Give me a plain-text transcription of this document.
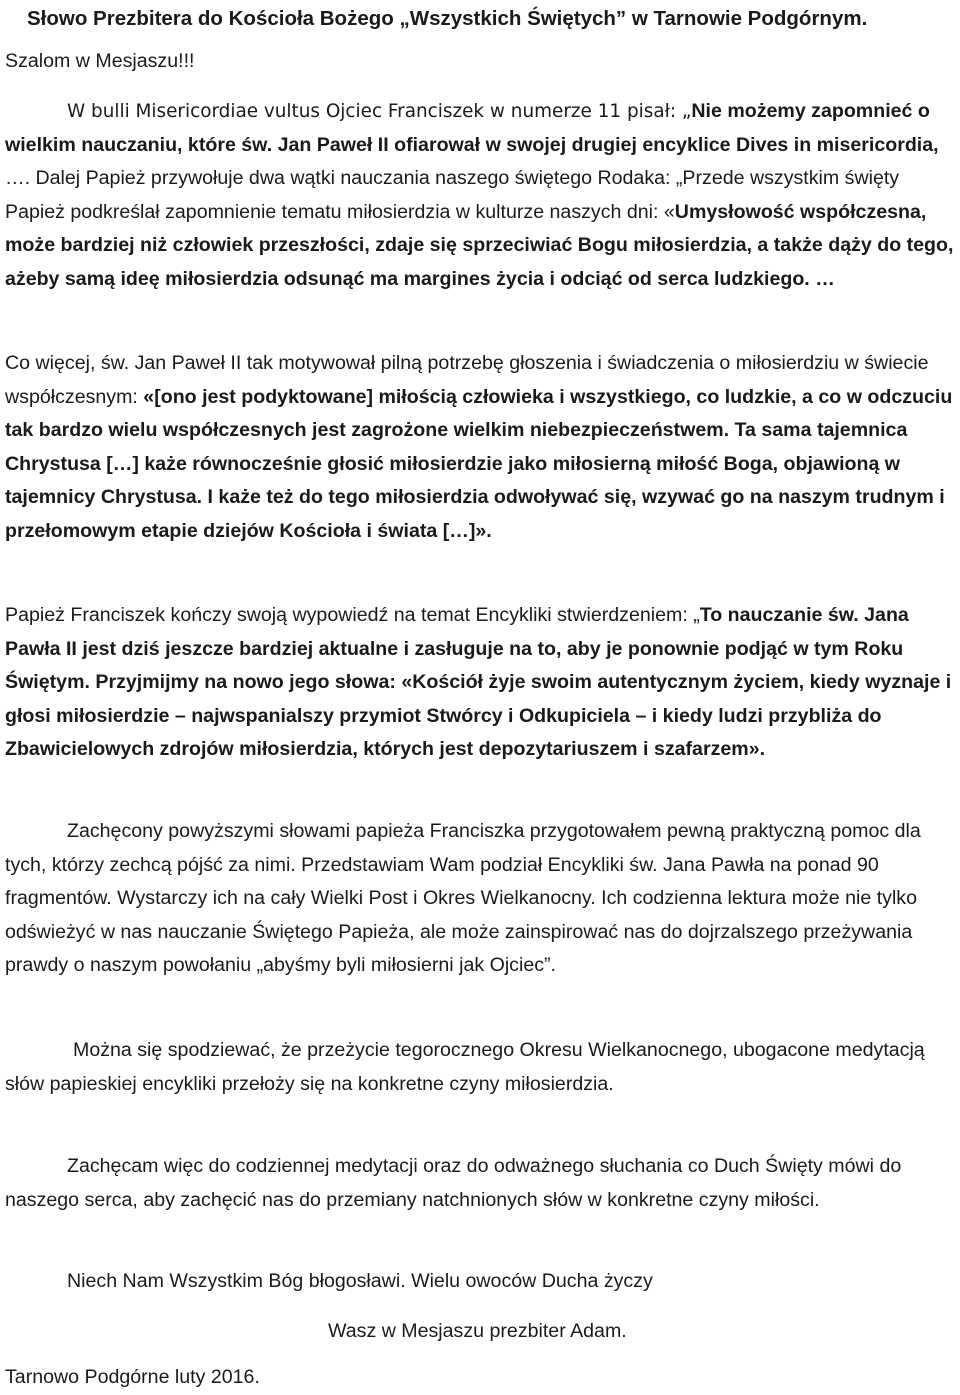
Słowo Prezbitera do Kościoła Bożego „Wszystkich Świętych” w Tarnowie Podgórnym.

Szalom w Mesjaszu!!!

W bulli Misericordiae vultus Ojciec Franciszek w numerze 11 pisał: „Nie możemy zapomnieć o wielkim nauczaniu, które św. Jan Paweł II ofiarował w swojej drugiej encyklice Dives in misericordia, …. Dalej Papież przywołuje dwa wątki nauczania naszego świętego Rodaka: „Przede wszystkim święty Papież podkreślał zapomnienie tematu miłosierdzia w kulturze naszych dni: «Umysłowość współczesna, może bardziej niż człowiek przeszłości, zdaje się sprzeciwiać Bogu miłosierdzia, a także dąży do tego, ażeby samą ideę miłosierdzia odsunąć ma margines życia i odciąć od serca ludzkiego. …

Co więcej, św. Jan Paweł II tak motywował pilną potrzebę głoszenia i świadczenia o miłosierdziu w świecie współczesnym: «[ono jest podyktowane] miłością człowieka i wszystkiego, co ludzkie, a co w odczuciu tak bardzo wielu współczesnych jest zagrożone wielkim niebezpieczeństwem. Ta sama tajemnica Chrystusa […] każe równocześnie głosić miłosierdzie jako miłosierną miłość Boga, objawioną w tajemnicy Chrystusa. I każe też do tego miłosierdzia odwoływać się, wzywać go na naszym trudnym i przełomowym etapie dziejów Kościoła i świata […]».

Papież Franciszek kończy swoją wypowiedź na temat Encykliki stwierdzeniem: „To nauczanie św. Jana Pawła II jest dziś jeszcze bardziej aktualne i zasługuje na to, aby je ponownie podjąć w tym Roku Świętym. Przyjmijmy na nowo jego słowa: «Kościół żyje swoim autentycznym życiem, kiedy wyznaje i głosi miłosierdzie – najwspanialszy przymiot Stwórcy i Odkupiciela – i kiedy ludzi przybliża do Zbawicielowych zdrojów miłosierdzia, których jest depozytariuszem i szafarzem».

Zachęcony powyższymi słowami papieża Franciszka przygotowałem pewną praktyczną pomoc dla tych, którzy zechcą pójść za nimi. Przedstawiam Wam podział Encykliki św. Jana Pawła na ponad 90 fragmentów. Wystarczy ich na cały Wielki Post i Okres Wielkanocny. Ich codzienna lektura może nie tylko odświeżyć w nas nauczanie Świętego Papieża, ale może zainspirować nas do dojrzalszego przeżywania prawdy o naszym powołaniu „abyśmy byli miłosierni jak Ojciec”.

Można się spodziewać, że przeżycie tegorocznego Okresu Wielkanocnego, ubogacone medytacją słów papieskiej encykliki przełoży się na konkretne czyny miłosierdzia.

Zachęcam więc do codziennej medytacji oraz do odważnego słuchania co Duch Święty mówi do naszego serca, aby zachęcić nas do przemiany natchnionych słów w konkretne czyny miłości.

Niech Nam Wszystkim Bóg błogosławi. Wielu owoców Ducha życzy

Wasz w Mesjaszu prezbiter Adam.

Tarnowo Podgórne luty 2016.
